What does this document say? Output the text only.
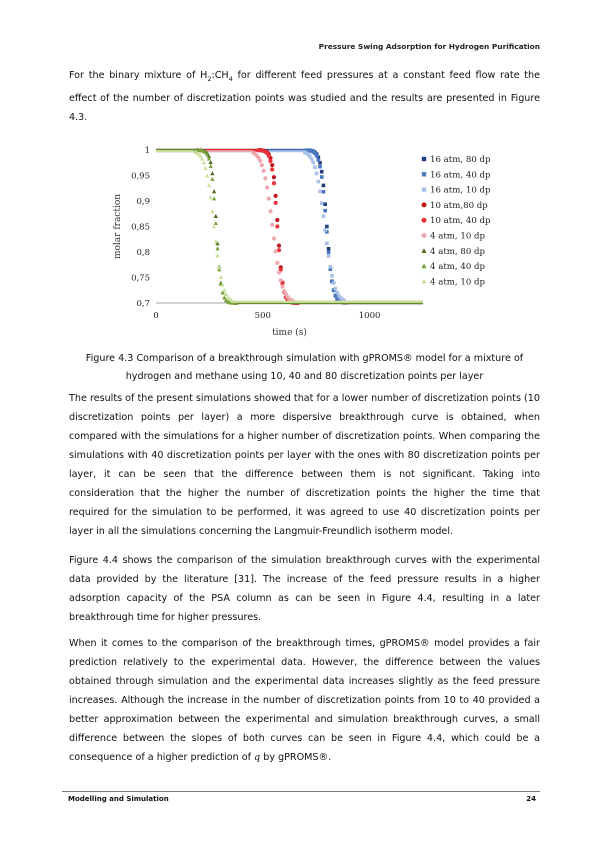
Pressure Swing Adsorption for Hydrogen Purification

For the binary mixture of $H_2:CH_4$ for different feed pressures at a constant feed flow rate the effect of the number of discretization points was studied and the results are presented in Figure 4.3.

1
0,95
0,9
0,85
0,8
0,75
0,7
0	500	1000
16 atm, 80 dp
16 atm, 40 dp
16 atm, 10 dp
10 atm,80 dp
10 atm, 40 dp
4 atm, 10 dp
4 atm, 80 dp
4 atm, 40 dp
4 atm, 10 dp
molar fraction
time (s)

Figure 4.3 Comparison of a breakthrough simulation with gPROMS® model for a mixture of hydrogen and methane using 10, 40 and 80 discretization points per layer

The results of the present simulations showed that for a lower number of discretization points (10 discretization points per layer) a more dispersive breakthrough curve is obtained, when compared with the simulations for a higher number of discretization points. When comparing the simulations with 40 discretization points per layer with the ones with 80 discretization points per layer, it can be seen that the difference between them is not significant. Taking into consideration that the higher the number of discretization points the higher the time that required for the simulation to be performed, it was agreed to use 40 discretization points per layer in all the simulations concerning the Langmuir-Freundlich isotherm model.

Figure 4.4 shows the comparison of the simulation breakthrough curves with the experimental data provided by the literature [31]. The increase of the feed pressure results in a higher adsorption capacity of the PSA column as can be seen in Figure 4.4, resulting in a later breakthrough time for higher pressures.

When it comes to the comparison of the breakthrough times, gPROMS® model provides a fair prediction relatively to the experimental data. However, the difference between the values obtained through simulation and the experimental data increases slightly as the feed pressure increases. Although the increase in the number of discretization points from 10 to 40 provided a better approximation between the experimental and simulation breakthrough curves, a small difference between the slopes of both curves can be seen in Figure 4.4, which could be a consequence of a higher prediction of q by gPROMS®.

Modelling and Simulation	24
